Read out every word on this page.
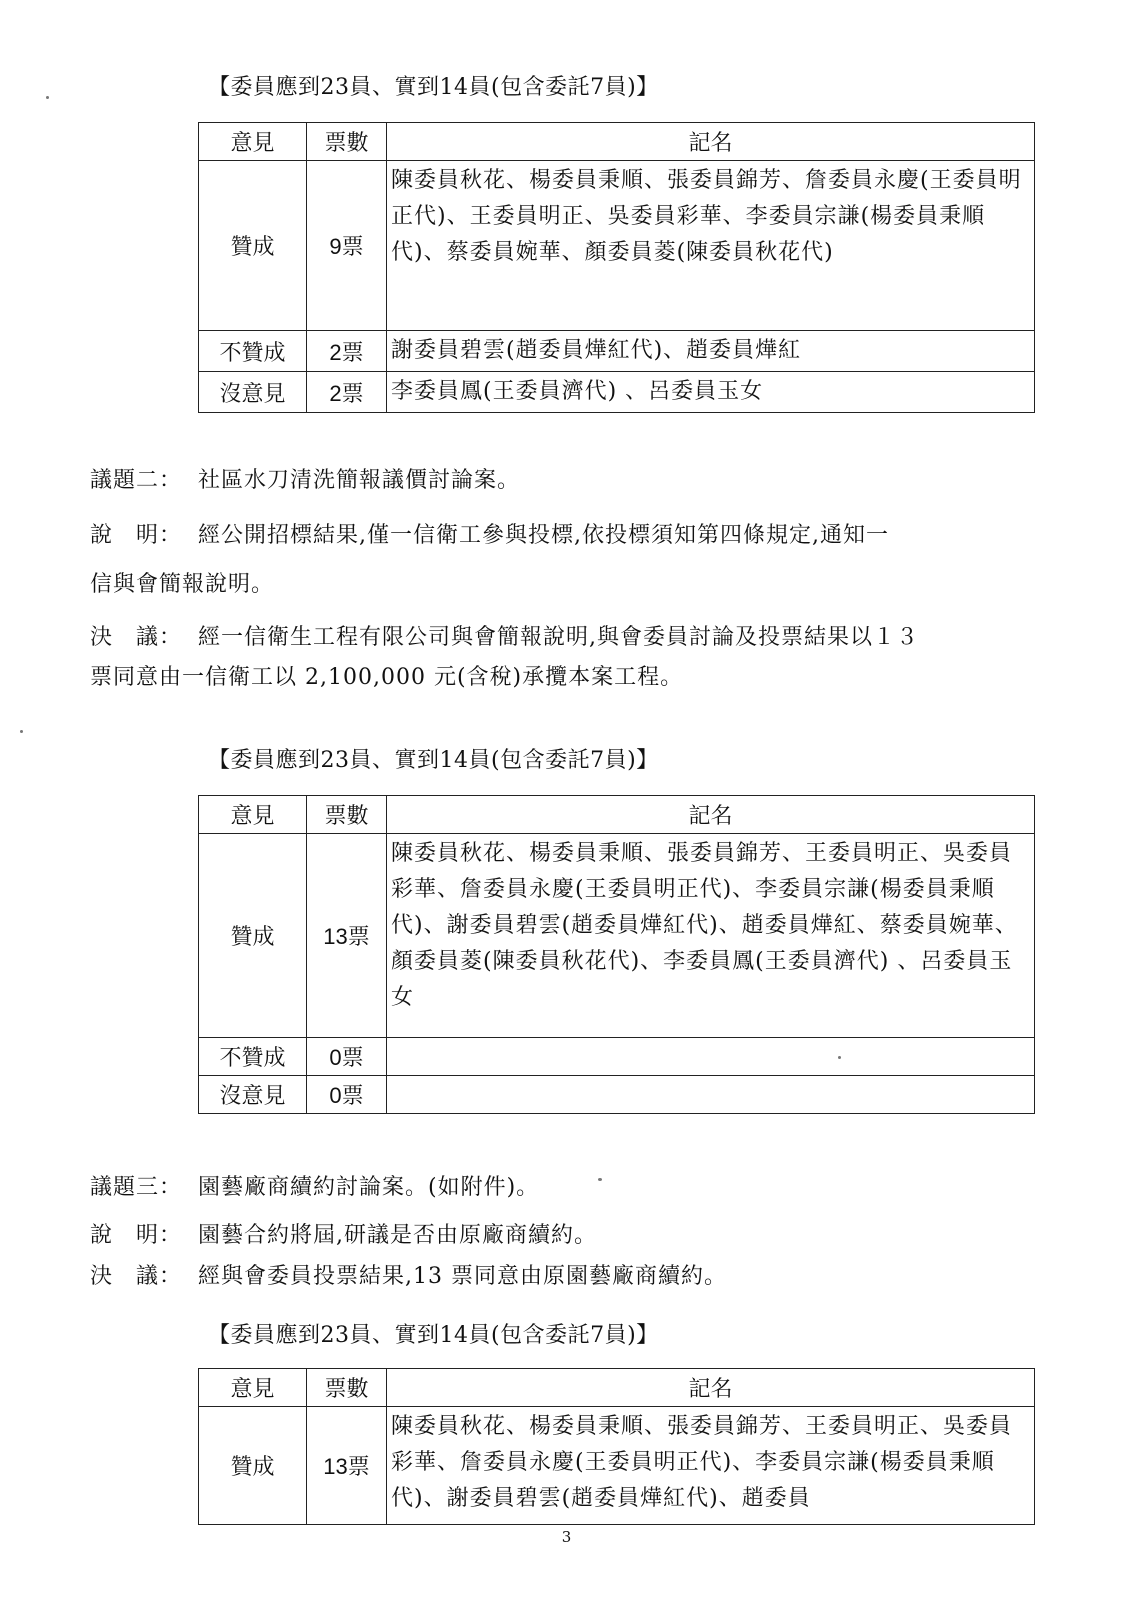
【委員應到23員、實到14員(包含委託7員)】
意見	票數	記名
贊成	9票	陳委員秋花、楊委員秉順、張委員錦芳、詹委員永慶(王委員明正代)、王委員明正、吳委員彩華、李委員宗謙(楊委員秉順代)、蔡委員婉華、顏委員菱(陳委員秋花代)
不贊成	2票	謝委員碧雲(趙委員燁紅代)、趙委員燁紅
沒意見	2票	李委員鳳(王委員濟代) 、呂委員玉女
議題二： 社區水刀清洗簡報議價討論案。
說　明： 經公開招標結果,僅一信衛工參與投標,依投標須知第四條規定,通知一
信與會簡報說明。
決　議： 經一信衛生工程有限公司與會簡報說明,與會委員討論及投票結果以１３
票同意由一信衛工以 2,100,000 元(含稅)承攬本案工程。
【委員應到23員、實到14員(包含委託7員)】
意見	票數	記名
贊成	13票	陳委員秋花、楊委員秉順、張委員錦芳、王委員明正、吳委員彩華、詹委員永慶(王委員明正代)、李委員宗謙(楊委員秉順代)、謝委員碧雲(趙委員燁紅代)、趙委員燁紅、蔡委員婉華、顏委員菱(陳委員秋花代)、李委員鳳(王委員濟代) 、呂委員玉女
不贊成	0票	
沒意見	0票	
議題三： 園藝廠商續約討論案。(如附件)。
說　明： 園藝合約將屆,研議是否由原廠商續約。
決　議： 經與會委員投票結果,13 票同意由原園藝廠商續約。
【委員應到23員、實到14員(包含委託7員)】
意見	票數	記名
贊成	13票	陳委員秋花、楊委員秉順、張委員錦芳、王委員明正、吳委員彩華、詹委員永慶(王委員明正代)、李委員宗謙(楊委員秉順代)、謝委員碧雲(趙委員燁紅代)、趙委員
3
